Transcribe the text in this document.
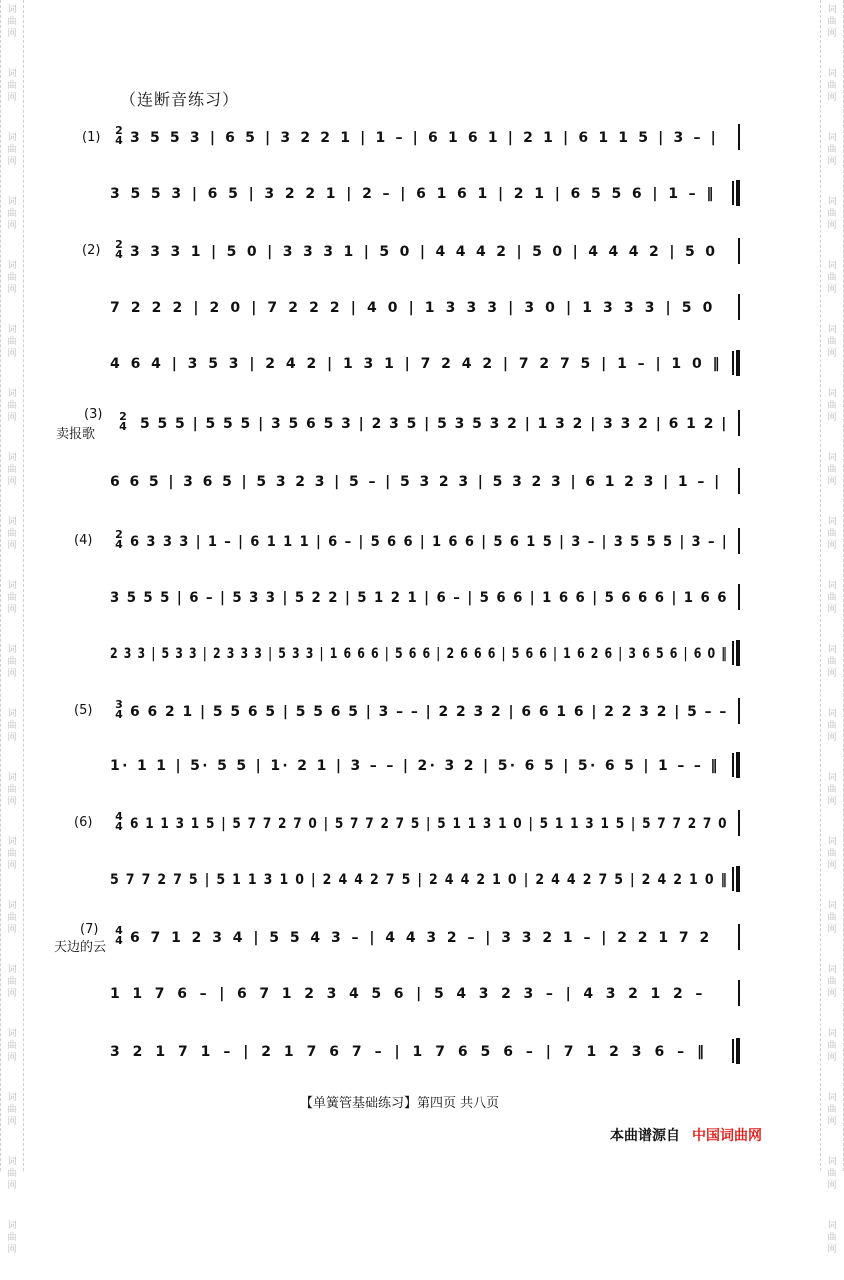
词
曲
网
词
曲
网
词
曲
网
词
曲
网
词
曲
网
词
曲
网
词
曲
网
词
曲
网
词
曲
网
词
曲
网
词
曲
网
词
曲
网
词
曲
网
词
曲
网
词
曲
网
词
曲
网
词
曲
网
词
曲
网
词
曲
网
词
曲
网
词
曲
网
词
曲
网
词
曲
网
词
曲
网
词
曲
网
词
曲
网
词
曲
网
词
曲
网
词
曲
网
词
曲
网
词
曲
网
词
曲
网
词
曲
网
词
曲
网
词
曲
网
词
曲
网
词
曲
网
词
曲
网
词
曲
网
词
曲
网
（连断音练习）
(1) 2
4
(2) 2
4
(3)
卖报歌
2
4
(4) 2
4
(5) 3
4
(6) 4
4
(7)
天边的云
4
4
3 5 5 3 | 6 5 | 3 2 2 1 | 1 – | 6 1 6 1 | 2 1 | 6 1 1 5 | 3 – |
3 5 5 3 | 6 5 | 3 2 2 1 | 2 – | 6 1 6 1 | 2 1 | 6 5 5 6 | 1 – ‖
3 3 3 1 | 5 0 | 3 3 3 1 | 5 0 | 4 4 4 2 | 5 0 | 4 4 4 2 | 5 0
7 2 2 2 | 2 0 | 7 2 2 2 | 4 0 | 1 3 3 3 | 3 0 | 1 3 3 3 | 5 0
4 6 4 | 3 5 3 | 2 4 2 | 1 3 1 | 7 2 4 2 | 7 2 7 5 | 1 – | 1 0 ‖
5 5 5 | 5 5 5 | 3 5 6 5 3 | 2 3 5 | 5 3 5 3 2 | 1 3 2 | 3 3 2 | 6 1 2 |
6 6 5 | 3 6 5 | 5 3 2 3 | 5 – | 5 3 2 3 | 5 3 2 3 | 6 1 2 3 | 1 – |
6 3 3 3 | 1 – | 6 1 1 1 | 6 – | 5 6 6 | 1 6 6 | 5 6 1 5 | 3 – | 3 5 5 5 | 3 – |
3 5 5 5 | 6 – | 5 3 3 | 5 2 2 | 5 1 2 1 | 6 – | 5 6 6 | 1 6 6 | 5 6 6 6 | 1 6 6
2 3 3 | 5 3 3 | 2 3 3 3 | 5 3 3 | 1 6 6 6 | 5 6 6 | 2 6 6 6 | 5 6 6 | 1 6 2 6 | 3 6 5 6 | 6 0 ‖
6 6 2 1 | 5 5 6 5 | 5 5 6 5 | 3 – – | 2 2 3 2 | 6 6 1 6 | 2 2 3 2 | 5 – –
1· 1 1 | 5· 5 5 | 1· 2 1 | 3 – – | 2· 3 2 | 5· 6 5 | 5· 6 5 | 1 – – ‖
6 1 1 3 1 5 | 5 7 7 2 7 0 | 5 7 7 2 7 5 | 5 1 1 3 1 0 | 5 1 1 3 1 5 | 5 7 7 2 7 0
5 7 7 2 7 5 | 5 1 1 3 1 0 | 2 4 4 2 7 5 | 2 4 4 2 1 0 | 2 4 4 2 7 5 | 2 4 2 1 0 ‖
6 7 1 2 3 4 | 5 5 4 3 – | 4 4 3 2 – | 3 3 2 1 – | 2 2 1 7 2
1 1 7 6 – | 6 7 1 2 3 4 5 6 | 5 4 3 2 3 – | 4 3 2 1 2 –
3 2 1 7 1 – | 2 1 7 6 7 – | 1 7 6 5 6 – | 7 1 2 3 6 – ‖
【单簧管基础练习】第四页 共八页
本曲谱源自 中国词曲网
